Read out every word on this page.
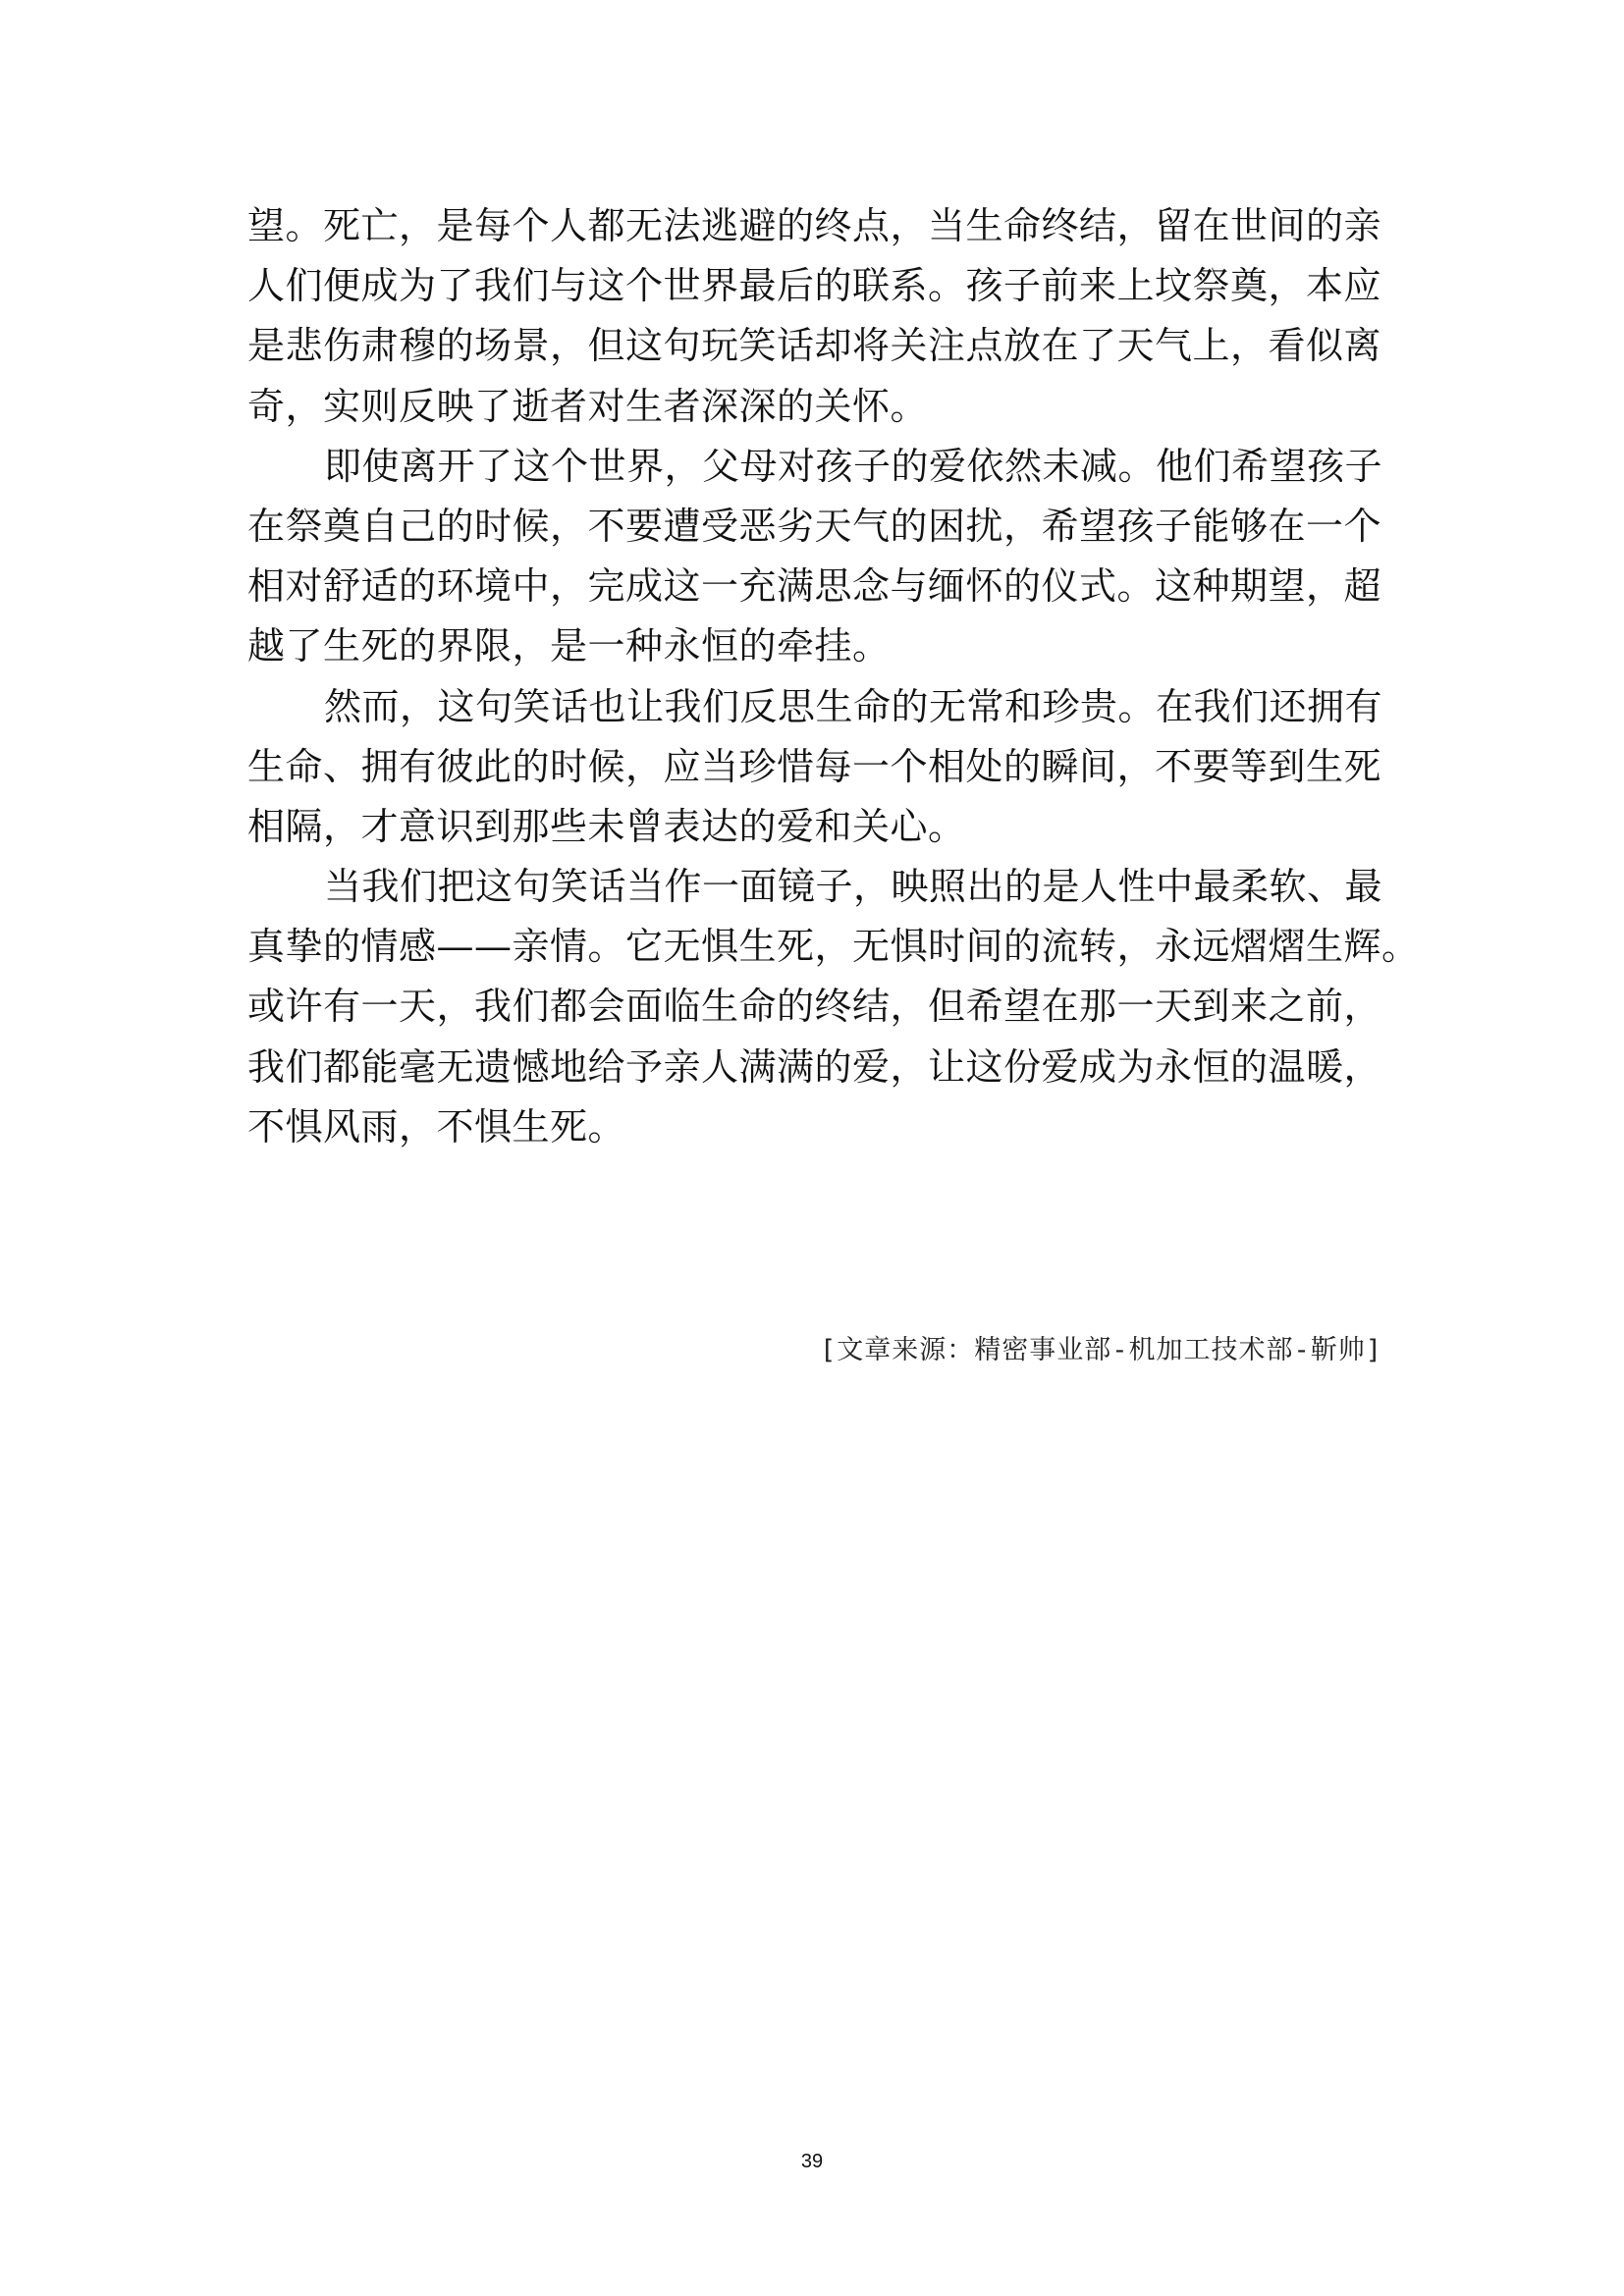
望。死亡，是每个人都无法逃避的终点，当生命终结，留在世间的亲
人们便成为了我们与这个世界最后的联系。孩子前来上坟祭奠，本应
是悲伤肃穆的场景，但这句玩笑话却将关注点放在了天气上，看似离
奇，实则反映了逝者对生者深深的关怀。
即使离开了这个世界，父母对孩子的爱依然未减。他们希望孩子
在祭奠自己的时候，不要遭受恶劣天气的困扰，希望孩子能够在一个
相对舒适的环境中，完成这一充满思念与缅怀的仪式。这种期望，超
越了生死的界限，是一种永恒的牵挂。
然而，这句笑话也让我们反思生命的无常和珍贵。在我们还拥有
生命、拥有彼此的时候，应当珍惜每一个相处的瞬间，不要等到生死
相隔，才意识到那些未曾表达的爱和关心。
当我们把这句笑话当作一面镜子，映照出的是人性中最柔软、最
真挚的情感——亲情。它无惧生死，无惧时间的流转，永远熠熠生辉。
或许有一天，我们都会面临生命的终结，但希望在那一天到来之前，
我们都能毫无遗憾地给予亲人满满的爱，让这份爱成为永恒的温暖，
不惧风雨，不惧生死。
[文章来源：精密事业部-机加工技术部-靳帅]
39
